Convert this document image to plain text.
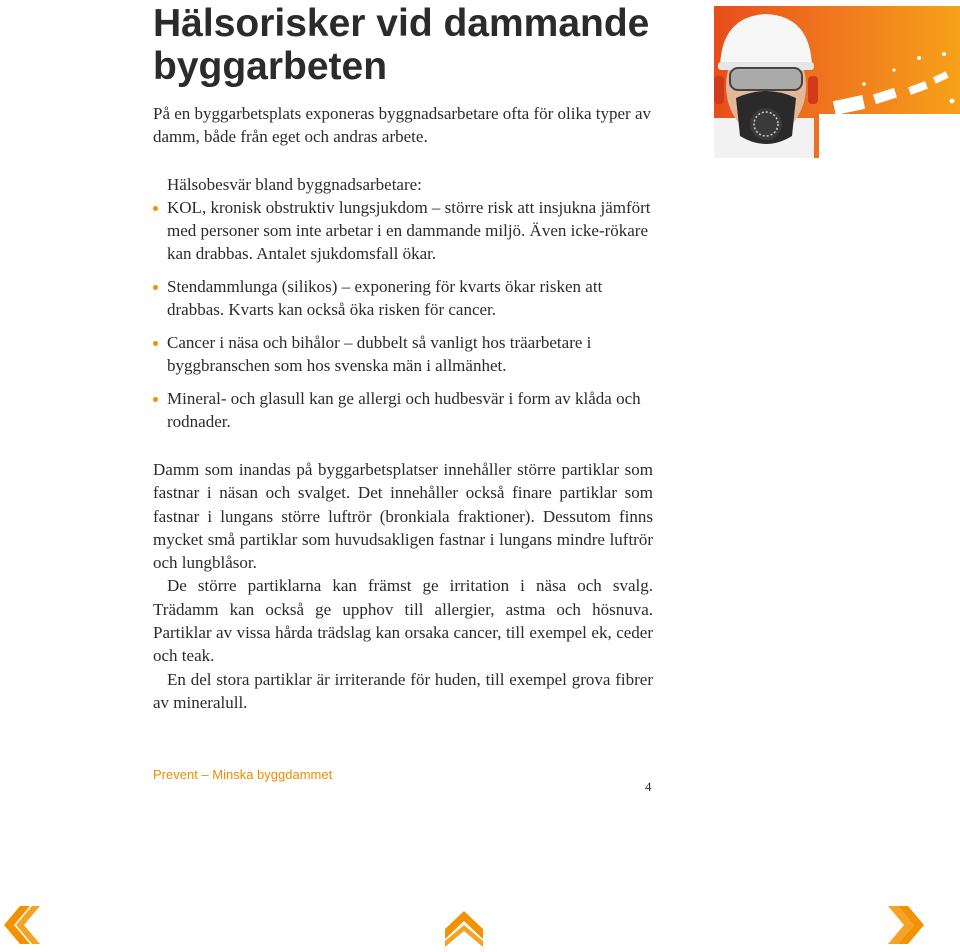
Hälsorisker vid dammande byggarbeten

På en byggarbetsplats exponeras byggnadsarbetare ofta för olika typer av damm, både från eget och andras arbete.

Hälsobesvär bland byggnadsarbetare:

KOL, kronisk obstruktiv lungsjukdom – större risk att insjukna jämfört med personer som inte arbetar i en dammande miljö. Även icke-rökare kan drabbas. Antalet sjukdomsfall ökar.
Stendammlunga (silikos) – exponering för kvarts ökar risken att drabbas. Kvarts kan också öka risken för cancer.
Cancer i näsa och bihålor – dubbelt så vanligt hos träarbetare i byggbranschen som hos svenska män i allmänhet.
Mineral- och glasull kan ge allergi och hudbesvär i form av klåda och rodnader.

Damm som inandas på byggarbetsplatser innehåller större partiklar som fastnar i näsan och svalget. Det innehåller också finare partiklar som fastnar i lungans större luftrör (bronkiala fraktioner). Dessutom finns mycket små partiklar som huvudsakligen fastnar i lungans mindre luftrör och lungblåsor.

De större partiklarna kan främst ge irritation i näsa och svalg. Trädamm kan också ge upphov till allergier, astma och hösnuva. Partiklar av vissa hårda trädslag kan orsaka cancer, till exempel ek, ceder och teak.

En del stora partiklar är irriterande för huden, till exempel grova fibrer av mineralull.

Prevent – Minska byggdammet
4
